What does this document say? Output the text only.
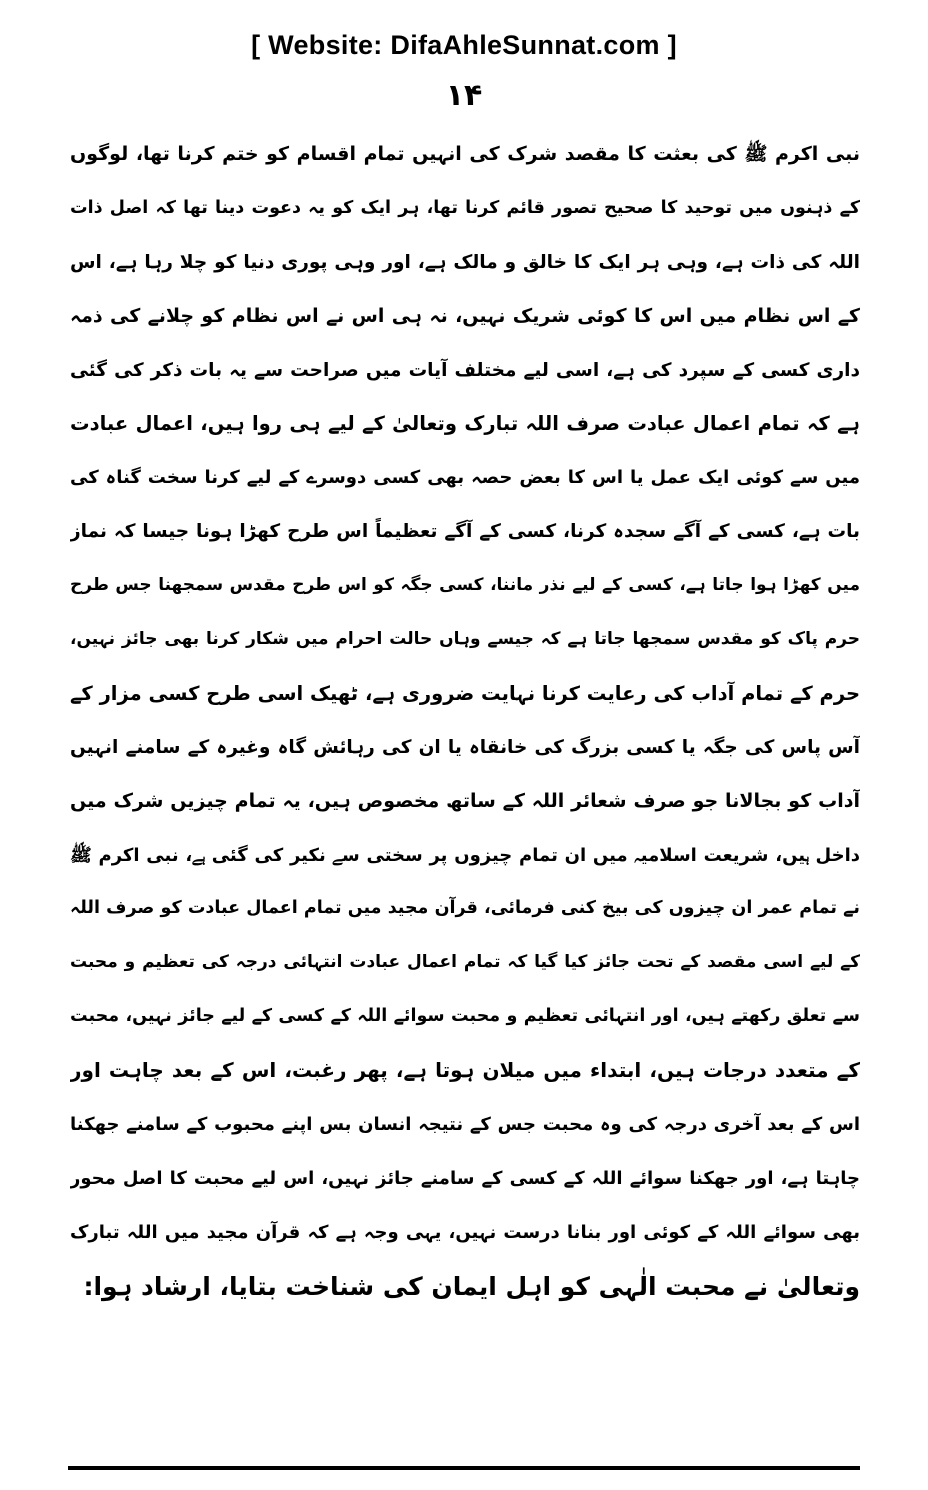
[ Website: DifaAhleSunnat.com ]
۱۴
نبی اکرم ﷺ کی بعثت کا مقصد شرک کی انہیں تمام اقسام کو ختم کرنا تھا، لوگوں
کے ذہنوں میں توحید کا صحیح تصور قائم کرنا تھا، ہر ایک کو یہ دعوت دینا تھا کہ اصل ذات
اللہ کی ذات ہے، وہی ہر ایک کا خالق و مالک ہے، اور وہی پوری دنیا کو چلا رہا ہے، اس
کے اس نظام میں اس کا کوئی شریک نہیں، نہ ہی اس نے اس نظام کو چلانے کی ذمہ
داری کسی کے سپرد کی ہے، اسی لیے مختلف آیات میں صراحت سے یہ بات ذکر کی گئی
ہے کہ تمام اعمال عبادت صرف اللہ تبارک وتعالیٰ کے لیے ہی روا ہیں، اعمال عبادت
میں سے کوئی ایک عمل یا اس کا بعض حصہ بھی کسی دوسرے کے لیے کرنا سخت گناہ کی
بات ہے، کسی کے آگے سجدہ کرنا، کسی کے آگے تعظیماً اس طرح کھڑا ہونا جیسا کہ نماز
میں کھڑا ہوا جاتا ہے، کسی کے لیے نذر ماننا، کسی جگہ کو اس طرح مقدس سمجھنا جس طرح
حرم پاک کو مقدس سمجھا جاتا ہے کہ جیسے وہاں حالت احرام میں شکار کرنا بھی جائز نہیں،
حرم کے تمام آداب کی رعایت کرنا نہایت ضروری ہے، ٹھیک اسی طرح کسی مزار کے
آس پاس کی جگہ یا کسی بزرگ کی خانقاہ یا ان کی رہائش گاہ وغیرہ کے سامنے انہیں
آداب کو بجالانا جو صرف شعائر اللہ کے ساتھ مخصوص ہیں، یہ تمام چیزیں شرک میں
داخل ہیں، شریعت اسلامیہ میں ان تمام چیزوں پر سختی سے نکیر کی گئی ہے، نبی اکرم ﷺ
نے تمام عمر ان چیزوں کی بیخ کنی فرمائی، قرآن مجید میں تمام اعمال عبادت کو صرف اللہ
کے لیے اسی مقصد کے تحت جائز کیا گیا کہ تمام اعمال عبادت انتہائی درجہ کی تعظیم و محبت
سے تعلق رکھتے ہیں، اور انتہائی تعظیم و محبت سوائے اللہ کے کسی کے لیے جائز نہیں، محبت
کے متعدد درجات ہیں، ابتداء میں میلان ہوتا ہے، پھر رغبت، اس کے بعد چاہت اور
اس کے بعد آخری درجہ کی وہ محبت جس کے نتیجہ انسان بس اپنے محبوب کے سامنے جھکنا
چاہتا ہے، اور جھکنا سوائے اللہ کے کسی کے سامنے جائز نہیں، اس لیے محبت کا اصل محور
بھی سوائے اللہ کے کوئی اور بنانا درست نہیں، یہی وجہ ہے کہ قرآن مجید میں اللہ تبارک
وتعالیٰ نے محبت الٰہی کو اہل ایمان کی شناخت بتایا، ارشاد ہوا:
